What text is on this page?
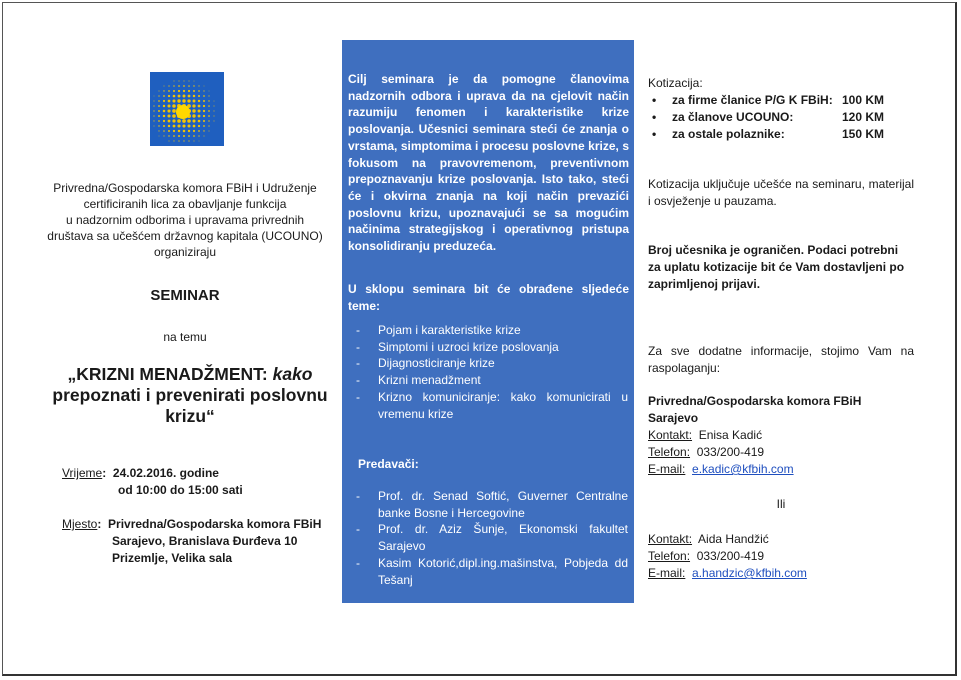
Privredna/Gospodarska komora FBiH i Udruženje
certificiranih lica za obavljanje funkcija
u nadzornim odborima i upravama privrednih
društava sa učešćem državnog kapitala (UCOUNO)
organiziraju
SEMINAR
na temu
„KRIZNI MENADŽMENT: kako
prepoznati i prevenirati poslovnu
krizu“
Vrijeme:  24.02.2016. godine
od 10:00 do 15:00 sati
Mjesto:  Privredna/Gospodarska komora FBiH
Sarajevo, Branislava Đurđeva 10
Prizemlje, Velika sala

Cilj seminara je da pomogne članovima nadzornih odbora i uprava da na cjelovit način razumiju fenomen i karakteristike krize poslovanja. Učesnici seminara steći će znanja o vrstama, simptomima i procesu poslovne krize, s fokusom na pravovremenom, preventivnom prepoznavanju krize poslovanja. Isto tako, steći će i okvirna znanja na koji način prevazići poslovnu krizu, upoznavajući se sa mogućim načinima strategijskog i operativnog pristupa konsolidiranju preduzeća.

U sklopu seminara bit će obrađene sljedeće teme:

- Pojam i karakteristike krize
- Simptomi i uzroci krize poslovanja
- Dijagnosticiranje krize
- Krizni menadžment
- Krizno komuniciranje: kako komunicirati u vremenu krize
Predavači:
- Prof. dr. Senad Softić, Guverner Centralne banke Bosne i Hercegovine
- Prof. dr. Aziz Šunje, Ekonomski fakultet Sarajevo
- Kasim Kotorić,dipl.ing.mašinstva, Pobjeda dd Tešanj
Kotizacija:
• za firme članice P/G K FBiH: 100 KM
• za članove UCOUNO:	120 KM
• za ostale polaznike:	150 KM
Kotizacija uključuje učešće na seminaru, materijal i osvježenje u pauzama.
Broj učesnika je ograničen. Podaci potrebni za uplatu kotizacije bit će Vam dostavljeni po zaprimljenoj prijavi.
Za sve dodatne informacije, stojimo Vam na raspolaganju:
Privredna/Gospodarska komora FBiH Sarajevo
Kontakt: Enisa Kadić
Telefon: 033/200-419
E-mail: e.kadic@kfbih.com
Ili
Kontakt: Aida Handžić
Telefon: 033/200-419
E-mail: a.handzic@kfbih.com
